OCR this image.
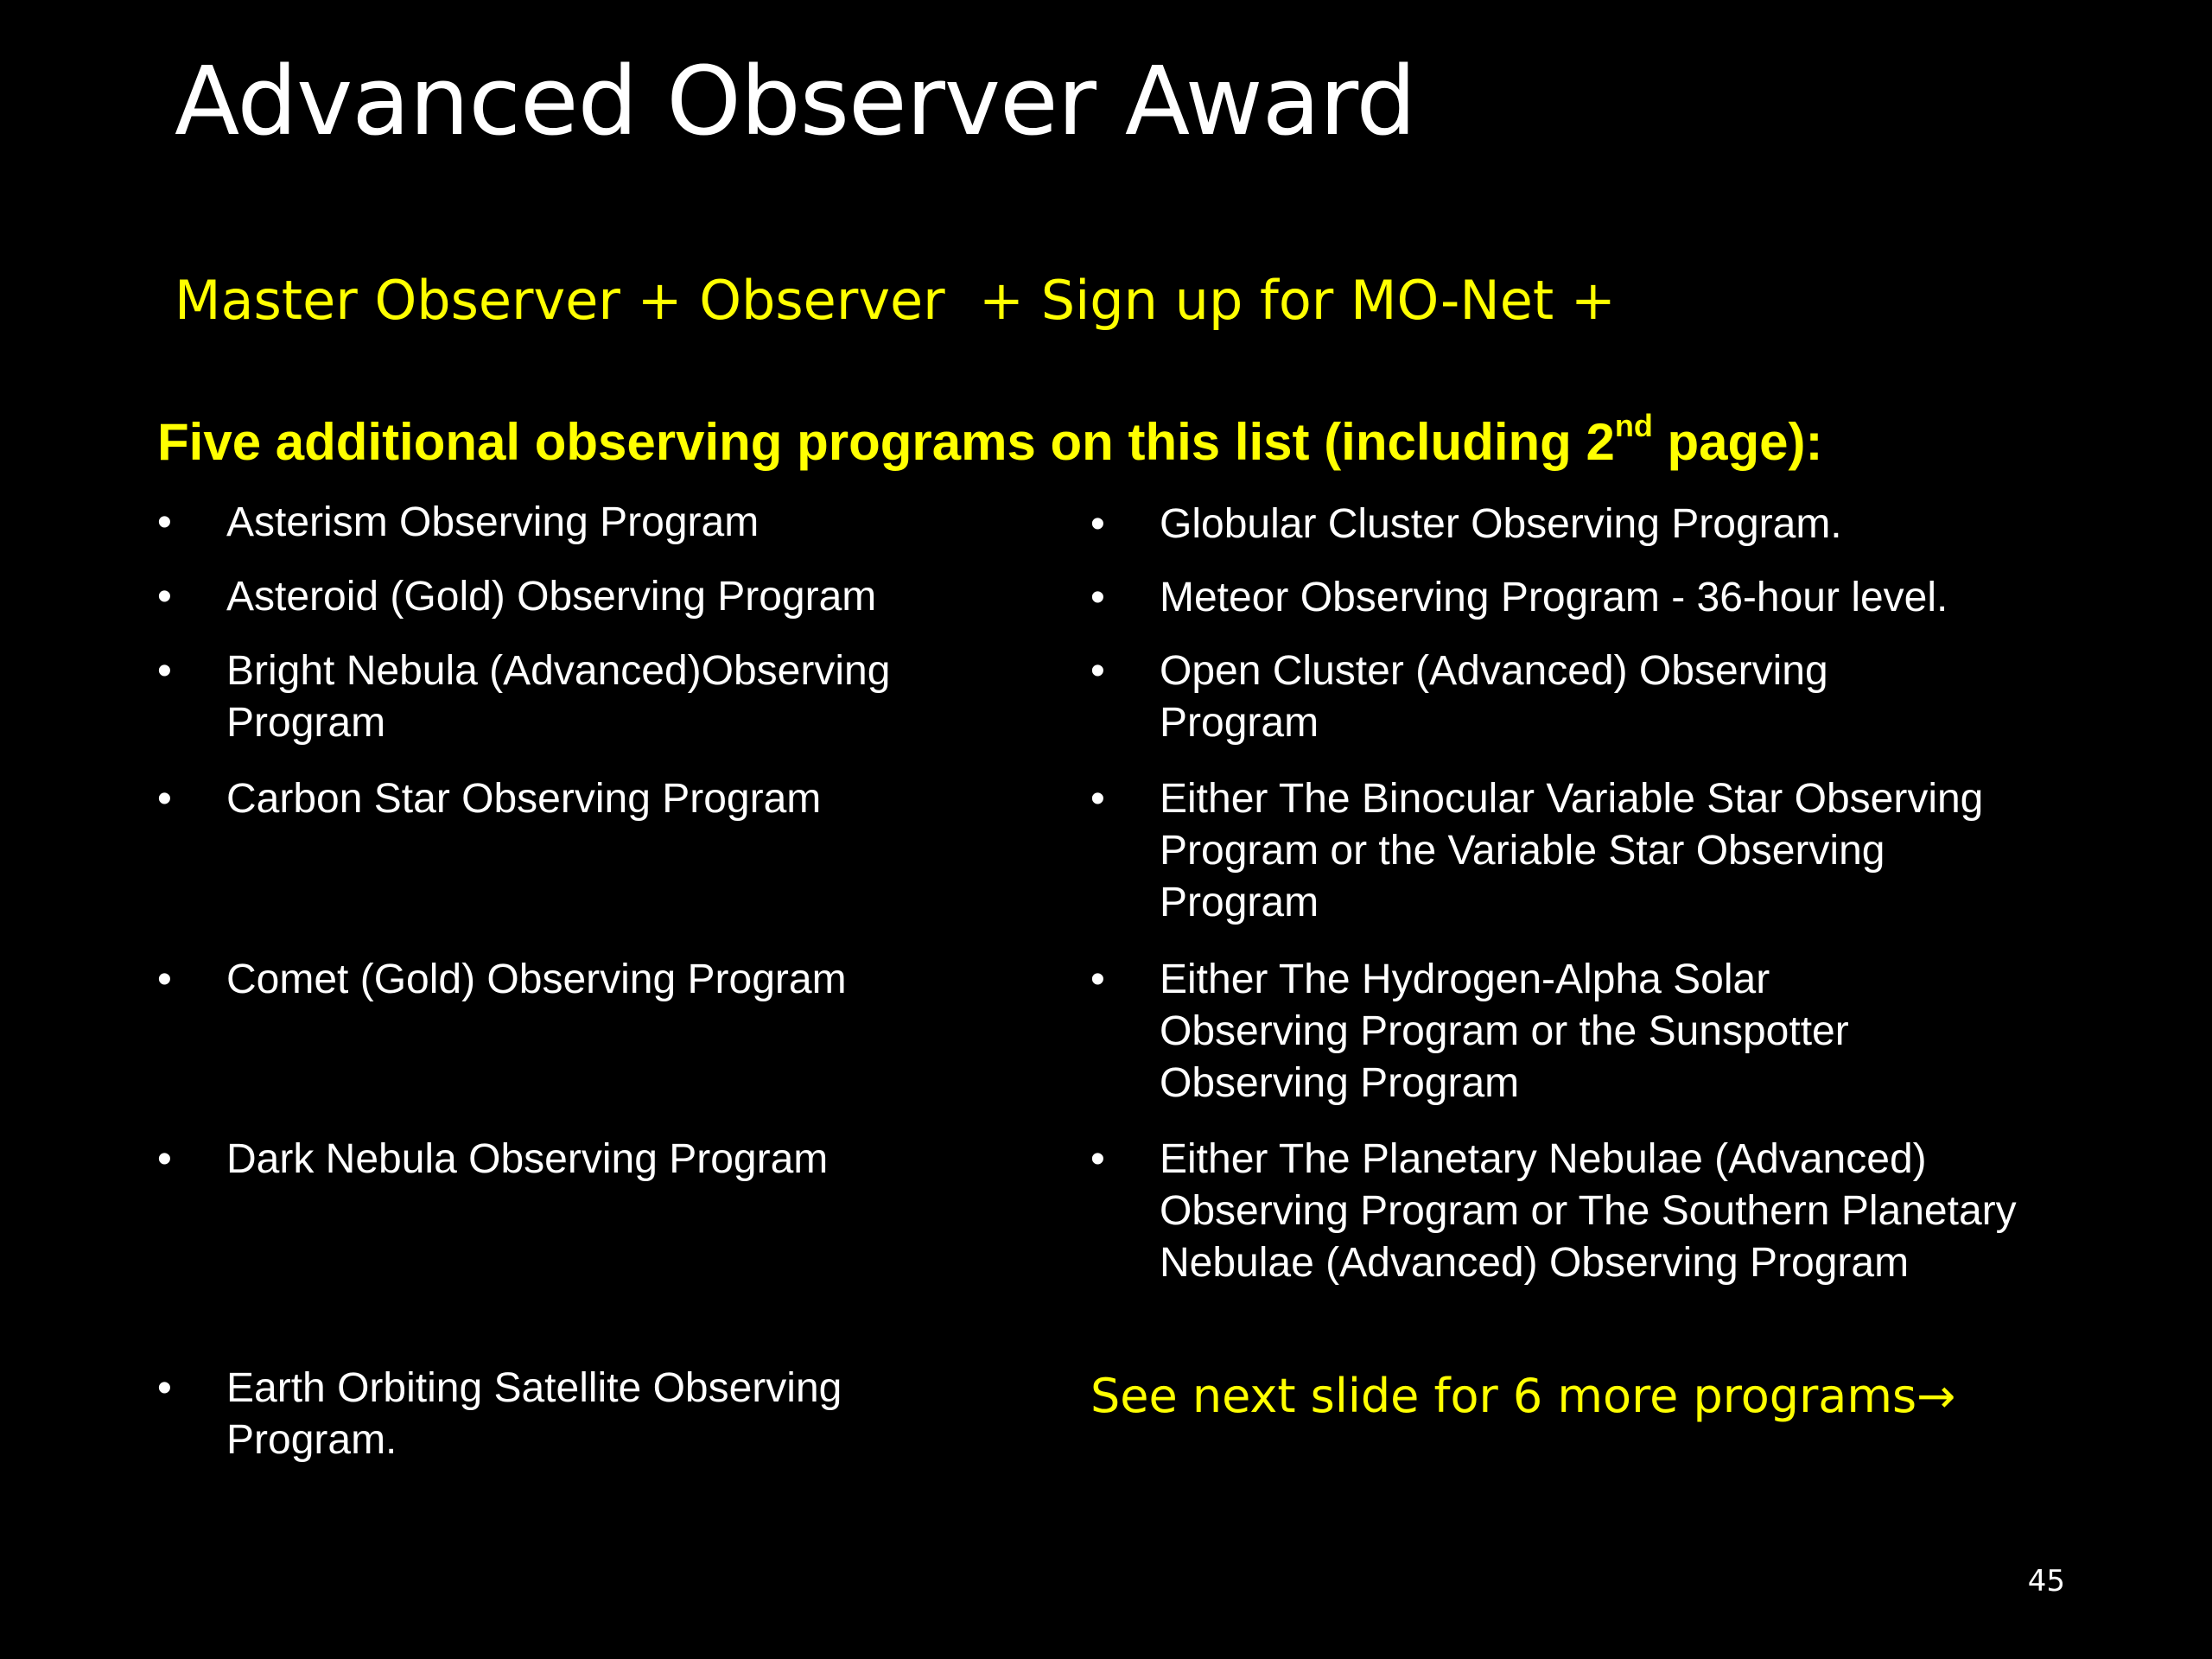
Advanced Observer Award
Master Observer + Observer  + Sign up for MO-Net +
Five additional observing programs on this list (including 2nd page):
•	Asterism Observing Program
•	Asteroid (Gold) Observing Program
•	Bright Nebula (Advanced)Observing Program
•	Carbon Star Observing Program
•	Comet (Gold) Observing Program
•	Dark Nebula Observing Program
•	Earth Orbiting Satellite Observing Program.
•	Globular Cluster Observing Program.
•	Meteor Observing Program - 36-hour level.
•	Open Cluster (Advanced) Observing Program
•	Either The Binocular Variable Star Observing Program or the Variable Star Observing Program
•	Either The Hydrogen-Alpha Solar Observing Program or the Sunspotter Observing Program
•	Either The Planetary Nebulae (Advanced) Observing Program or The Southern Planetary Nebulae (Advanced) Observing Program
See next slide for 6 more programs→
45
